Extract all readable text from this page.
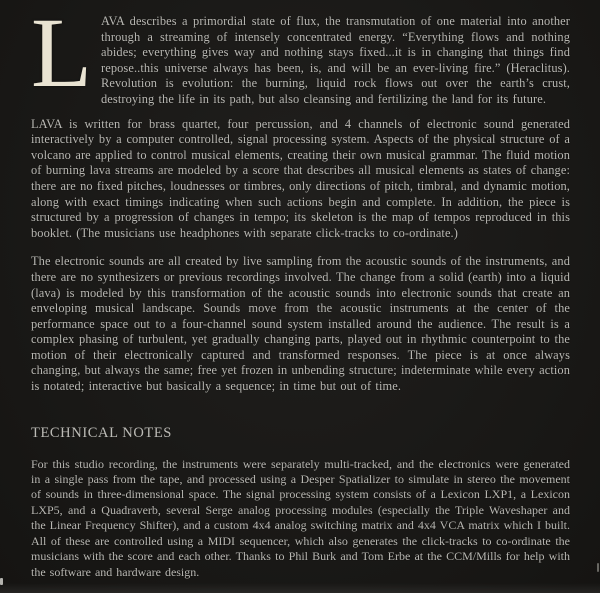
LAVA describes a primordial state of flux, the transmutation of one material into another through a streaming of intensely concentrated energy. “Everything flows and nothing abides; everything gives way and nothing stays fixed...it is in changing that things find repose..this universe always has been, is, and will be an ever-living fire.” (Heraclitus). Revolution is evolution: the burning, liquid rock flows out over the earth’s crust, destroying the life in its path, but also cleansing and fertilizing the land for its future.

LAVA is written for brass quartet, four percussion, and 4 channels of electronic sound generated interactively by a computer controlled, signal processing system. Aspects of the physical structure of a volcano are applied to control musical elements, creating their own musical grammar. The fluid motion of burning lava streams are modeled by a score that describes all musical elements as states of change: there are no fixed pitches, loudnesses or timbres, only directions of pitch, timbral, and dynamic motion, along with exact timings indicating when such actions begin and complete. In addition, the piece is structured by a progression of changes in tempo; its skeleton is the map of tempos reproduced in this booklet. (The musicians use headphones with separate click-tracks to co-ordinate.)

The electronic sounds are all created by live sampling from the acoustic sounds of the instruments, and there are no synthesizers or previous recordings involved. The change from a solid (earth) into a liquid (lava) is modeled by this transformation of the acoustic sounds into electronic sounds that create an enveloping musical landscape. Sounds move from the acoustic instruments at the center of the performance space out to a four-channel sound system installed around the audience. The result is a complex phasing of turbulent, yet gradually changing parts, played out in rhythmic counterpoint to the motion of their electronically captured and transformed responses. The piece is at once always changing, but always the same; free yet frozen in unbending structure; indeterminate while every action is notated; interactive but basically a sequence; in time but out of time.

TECHNICAL NOTES

For this studio recording, the instruments were separately multi-tracked, and the electronics were generated in a single pass from the tape, and processed using a Desper Spatializer to simulate in stereo the movement of sounds in three-dimensional space. The signal processing system consists of a Lexicon LXP1, a Lexicon LXP5, and a Quadraverb, several Serge analog processing modules (especially the Triple Waveshaper and the Linear Frequency Shifter), and a custom 4x4 analog switching matrix and 4x4 VCA matrix which I built. All of these are controlled using a MIDI sequencer, which also generates the click-tracks to co-ordinate the musicians with the score and each other. Thanks to Phil Burk and Tom Erbe at the CCM/Mills for help with the software and hardware design.
